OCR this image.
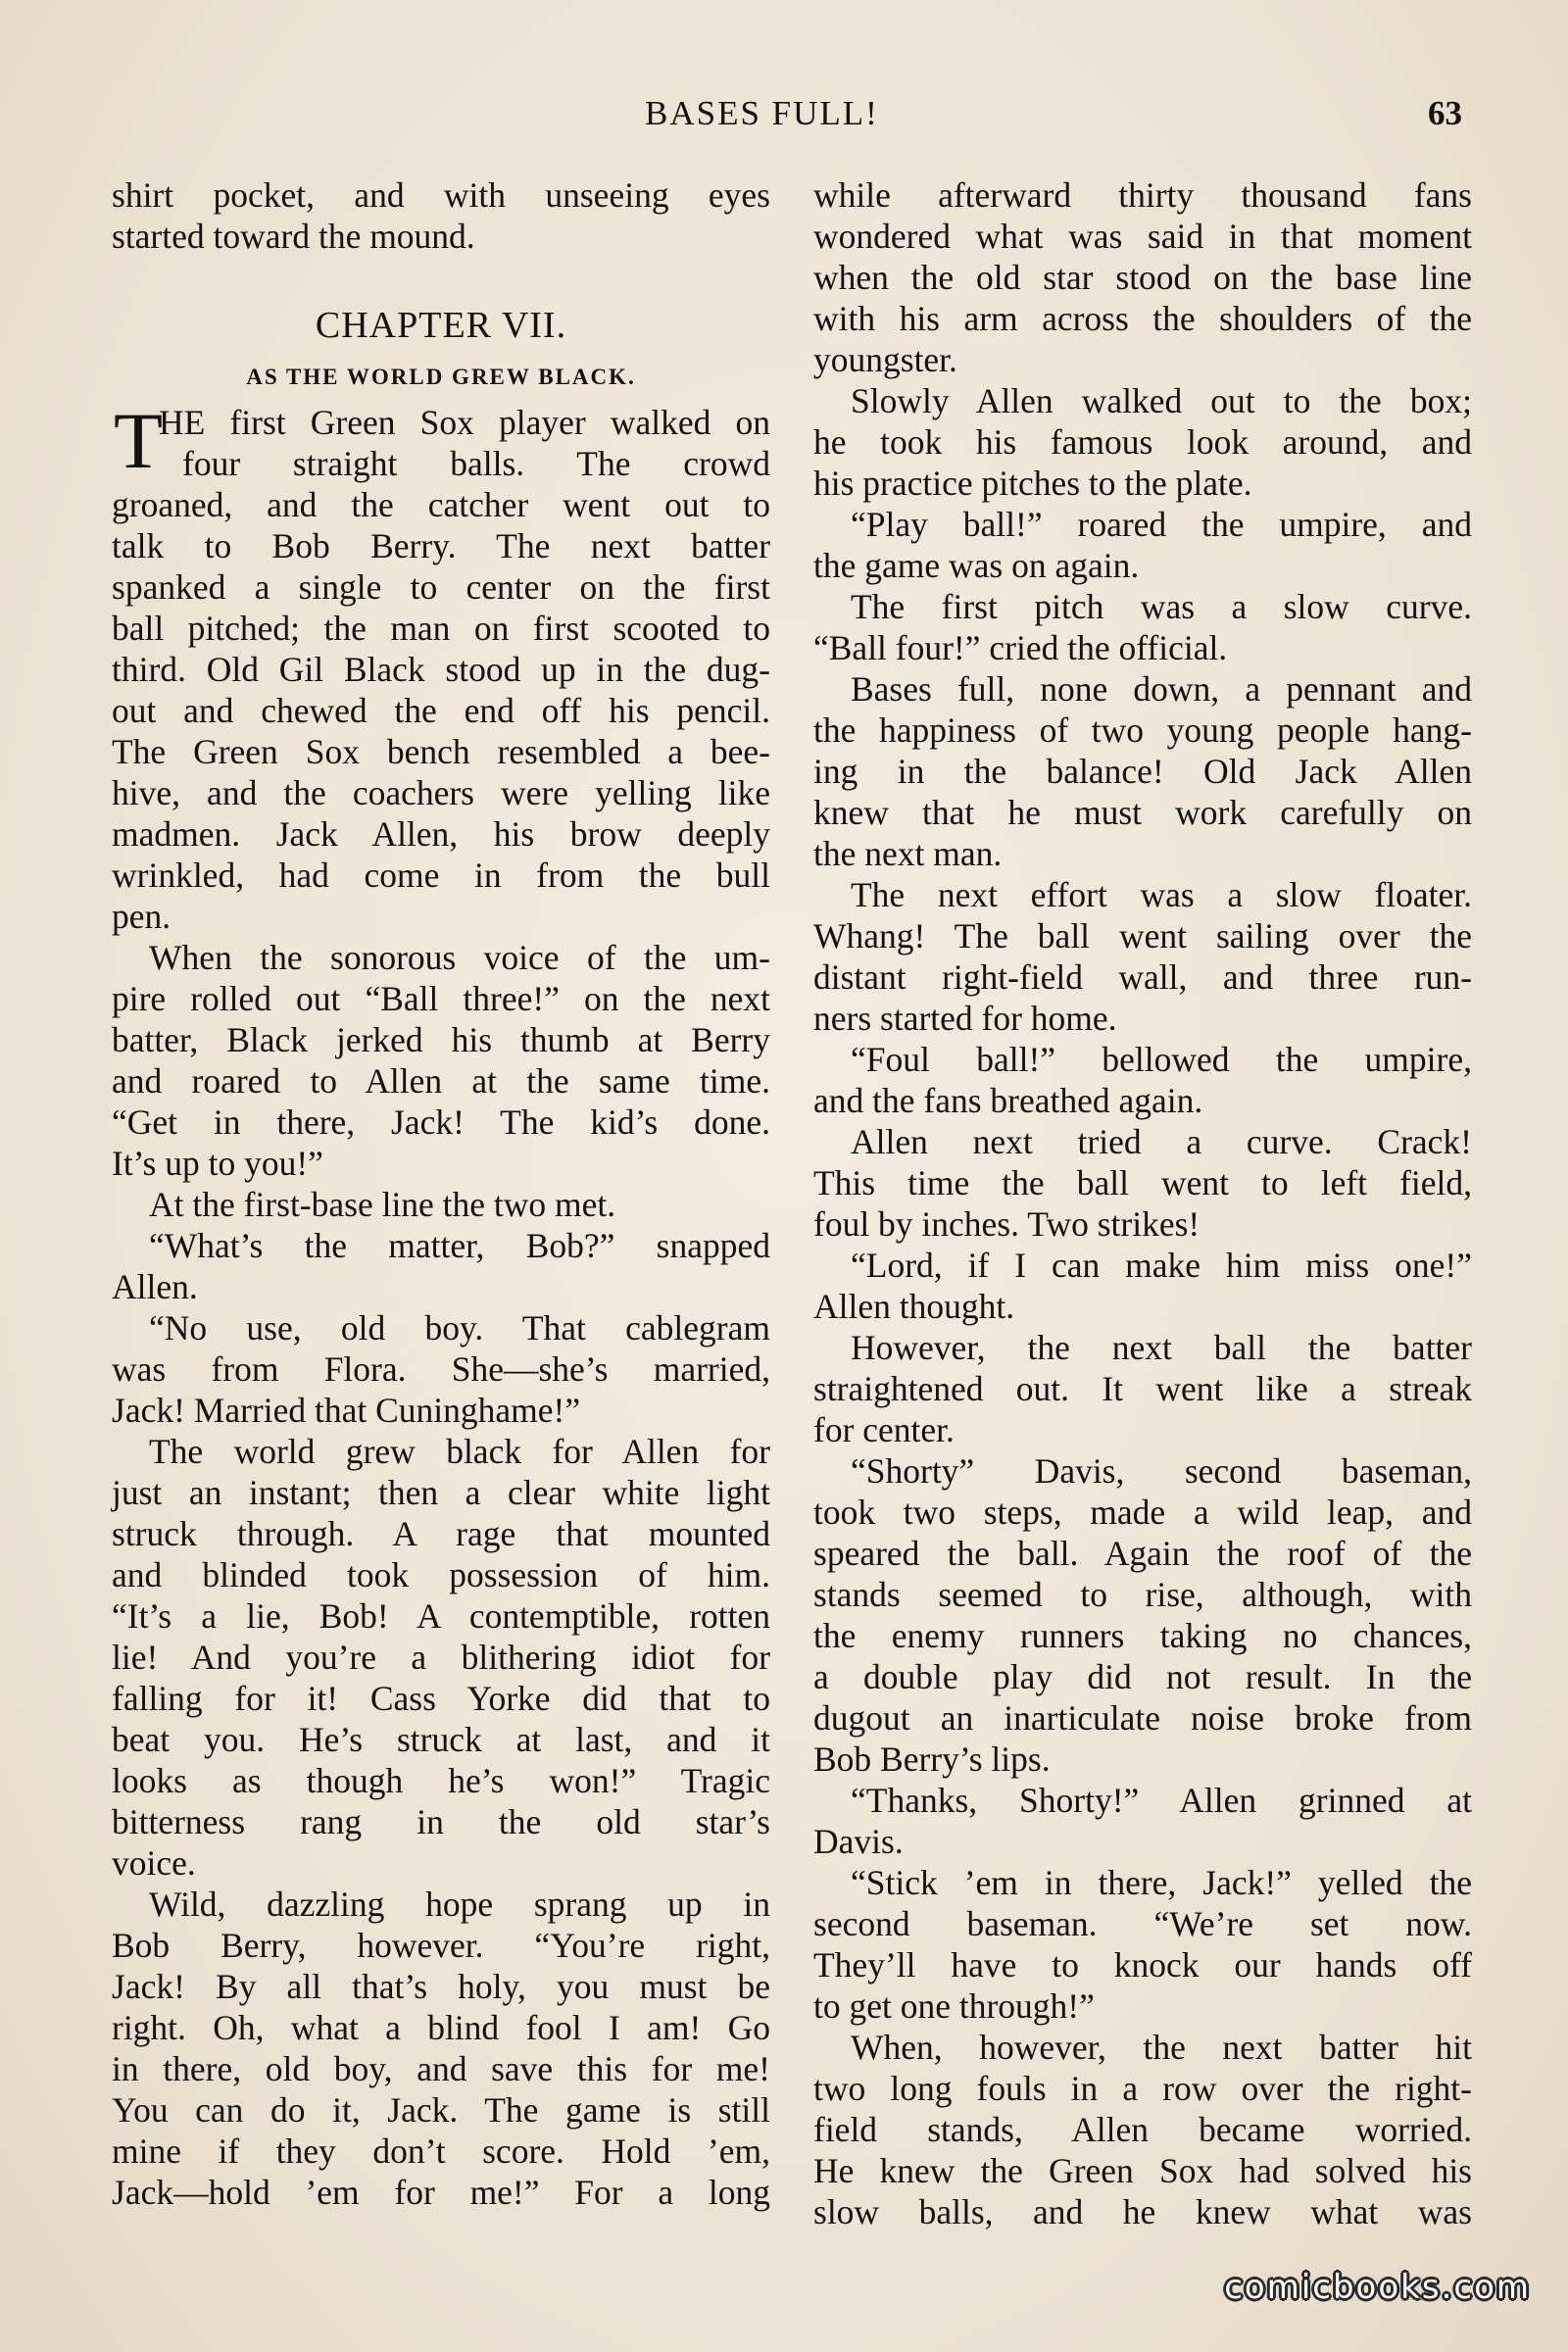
BASES FULL!	63
shirt pocket, and with unseeing eyes
started toward the mound.
CHAPTER VII.
AS THE WORLD GREW BLACK.
T
HE first Green Sox player walked on
four straight balls. The crowd
groaned, and the catcher went out to
talk to Bob Berry. The next batter
spanked a single to center on the first
ball pitched; the man on first scooted to
third. Old Gil Black stood up in the dug-
out and chewed the end off his pencil.
The Green Sox bench resembled a bee-
hive, and the coachers were yelling like
madmen. Jack Allen, his brow deeply
wrinkled, had come in from the bull
pen.
When the sonorous voice of the um-
pire rolled out “Ball three!” on the next
batter, Black jerked his thumb at Berry
and roared to Allen at the same time.
“Get in there, Jack! The kid’s done.
It’s up to you!”
At the first-base line the two met.
“What’s the matter, Bob?” snapped
Allen.
“No use, old boy. That cablegram
was from Flora. She—she’s married,
Jack! Married that Cuninghame!”
The world grew black for Allen for
just an instant; then a clear white light
struck through. A rage that mounted
and blinded took possession of him.
“It’s a lie, Bob! A contemptible, rotten
lie! And you’re a blithering idiot for
falling for it! Cass Yorke did that to
beat you. He’s struck at last, and it
looks as though he’s won!” Tragic
bitterness rang in the old star’s
voice.
Wild, dazzling hope sprang up in
Bob Berry, however. “You’re right,
Jack! By all that’s holy, you must be
right. Oh, what a blind fool I am! Go
in there, old boy, and save this for me!
You can do it, Jack. The game is still
mine if they don’t score. Hold ’em,
Jack—hold ’em for me!” For a long
while afterward thirty thousand fans
wondered what was said in that moment
when the old star stood on the base line
with his arm across the shoulders of the
youngster.
Slowly Allen walked out to the box;
he took his famous look around, and
his practice pitches to the plate.
“Play ball!” roared the umpire, and
the game was on again.
The first pitch was a slow curve.
“Ball four!” cried the official.
Bases full, none down, a pennant and
the happiness of two young people hang-
ing in the balance! Old Jack Allen
knew that he must work carefully on
the next man.
The next effort was a slow floater.
Whang! The ball went sailing over the
distant right-field wall, and three run-
ners started for home.
“Foul ball!” bellowed the umpire,
and the fans breathed again.
Allen next tried a curve. Crack!
This time the ball went to left field,
foul by inches. Two strikes!
“Lord, if I can make him miss one!”
Allen thought.
However, the next ball the batter
straightened out. It went like a streak
for center.
“Shorty” Davis, second baseman,
took two steps, made a wild leap, and
speared the ball. Again the roof of the
stands seemed to rise, although, with
the enemy runners taking no chances,
a double play did not result. In the
dugout an inarticulate noise broke from
Bob Berry’s lips.
“Thanks, Shorty!” Allen grinned at
Davis.
“Stick ’em in there, Jack!” yelled the
second baseman. “We’re set now.
They’ll have to knock our hands off
to get one through!”
When, however, the next batter hit
two long fouls in a row over the right-
field stands, Allen became worried.
He knew the Green Sox had solved his
slow balls, and he knew what was
comicbooks.com
